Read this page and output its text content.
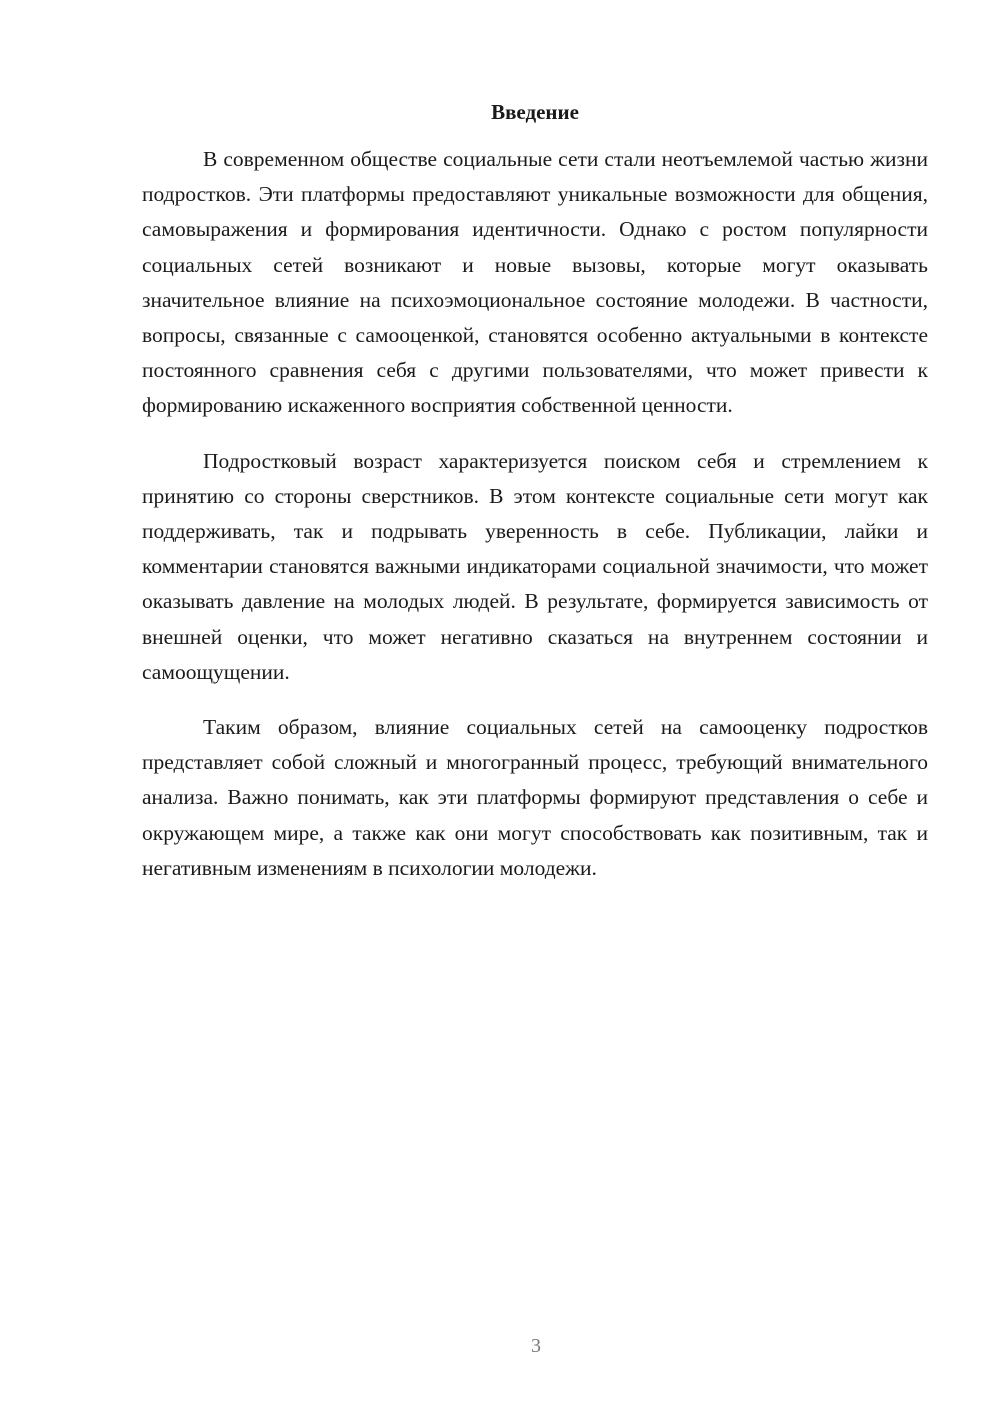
Введение

В современном обществе социальные сети стали неотъемлемой частью жизни подростков. Эти платформы предоставляют уникальные возможности для общения, самовыражения и формирования идентичности. Однако с ростом популярности социальных сетей возникают и новые вызовы, которые могут оказывать значительное влияние на психоэмоциональное состояние молодежи. В частности, вопросы, связанные с самооценкой, становятся особенно актуальными в контексте постоянного сравнения себя с другими пользователями, что может привести к формированию искаженного восприятия собственной ценности.

Подростковый возраст характеризуется поиском себя и стремлением к принятию со стороны сверстников. В этом контексте социальные сети могут как поддерживать, так и подрывать уверенность в себе. Публикации, лайки и комментарии становятся важными индикаторами социальной значимости, что может оказывать давление на молодых людей. В результате, формируется зависимость от внешней оценки, что может негативно сказаться на внутреннем состоянии и самоощущении.

Таким образом, влияние социальных сетей на самооценку подростков представляет собой сложный и многогранный процесс, требующий внимательного анализа. Важно понимать, как эти платформы формируют представления о себе и окружающем мире, а также как они могут способствовать как позитивным, так и негативным изменениям в психологии молодежи.

3
